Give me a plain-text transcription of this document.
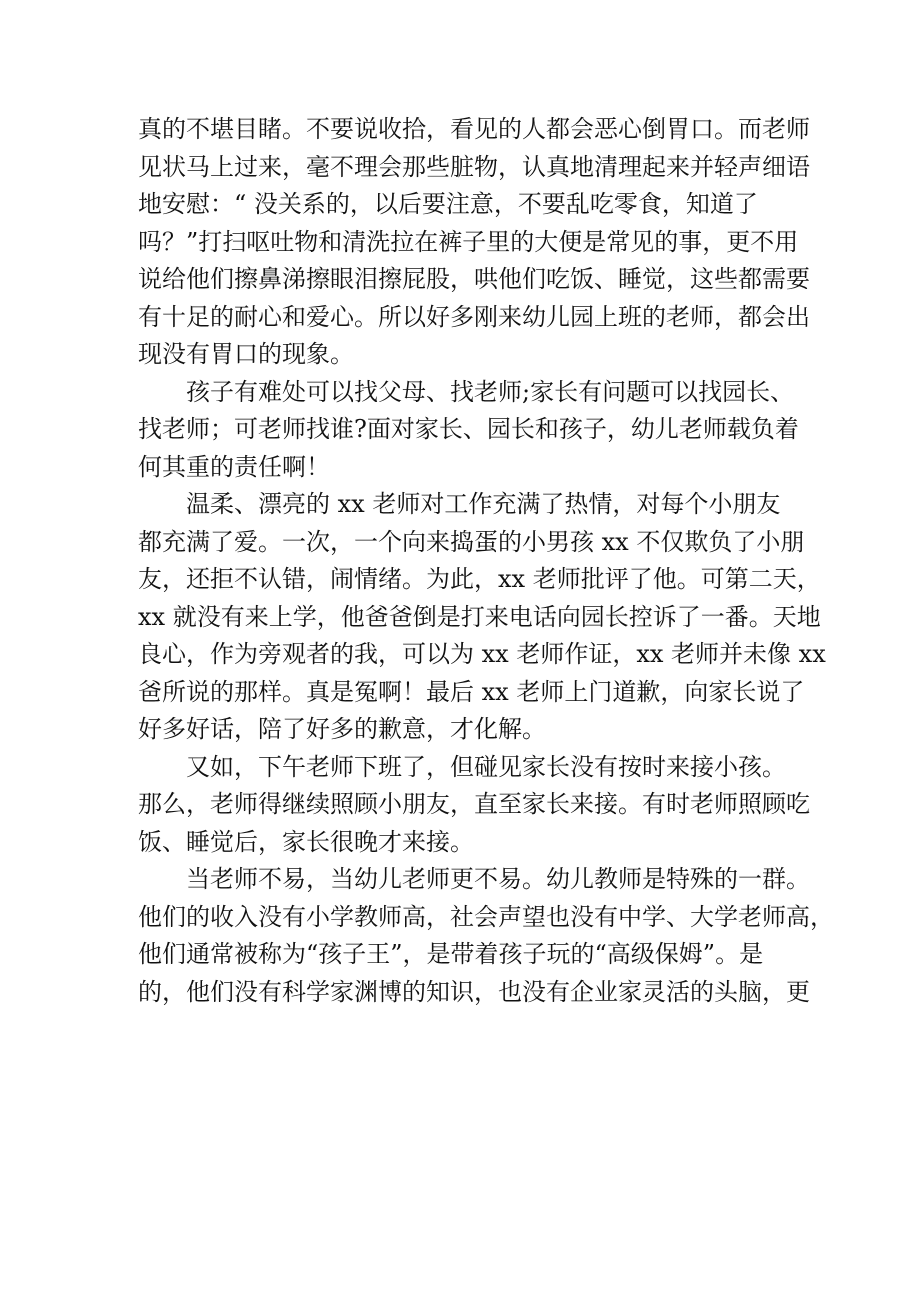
真的不堪目睹。不要说收拾，看见的人都会恶心倒胃口。而老师
见状马上过来，毫不理会那些脏物，认真地清理起来并轻声细语
地安慰：“ 没关系的，以后要注意，不要乱吃零食，知道了
吗？”打扫呕吐物和清洗拉在裤子里的大便是常见的事，更不用
说给他们擦鼻涕擦眼泪擦屁股，哄他们吃饭、睡觉，这些都需要
有十足的耐心和爱心。所以好多刚来幼儿园上班的老师，都会出
现没有胃口的现象。

　　孩子有难处可以找父母、找老师;家长有问题可以找园长、
找老师；可老师找谁?面对家长、园长和孩子，幼儿老师载负着
何其重的责任啊！

　　温柔、漂亮的 xx 老师对工作充满了热情，对每个小朋友
都充满了爱。一次，一个向来捣蛋的小男孩 xx 不仅欺负了小朋
友，还拒不认错，闹情绪。为此，xx 老师批评了他。可第二天，
xx 就没有来上学，他爸爸倒是打来电话向园长控诉了一番。天地
良心，作为旁观者的我，可以为 xx 老师作证，xx 老师并未像 xx
爸所说的那样。真是冤啊！最后 xx 老师上门道歉，向家长说了
好多好话，陪了好多的歉意，才化解。

　　又如，下午老师下班了，但碰见家长没有按时来接小孩。
那么，老师得继续照顾小朋友，直至家长来接。有时老师照顾吃
饭、睡觉后，家长很晚才来接。

　　当老师不易，当幼儿老师更不易。幼儿教师是特殊的一群。
他们的收入没有小学教师高，社会声望也没有中学、大学老师高，
他们通常被称为“孩子王”，是带着孩子玩的“高级保姆”。是
的，他们没有科学家渊博的知识，也没有企业家灵活的头脑，更
